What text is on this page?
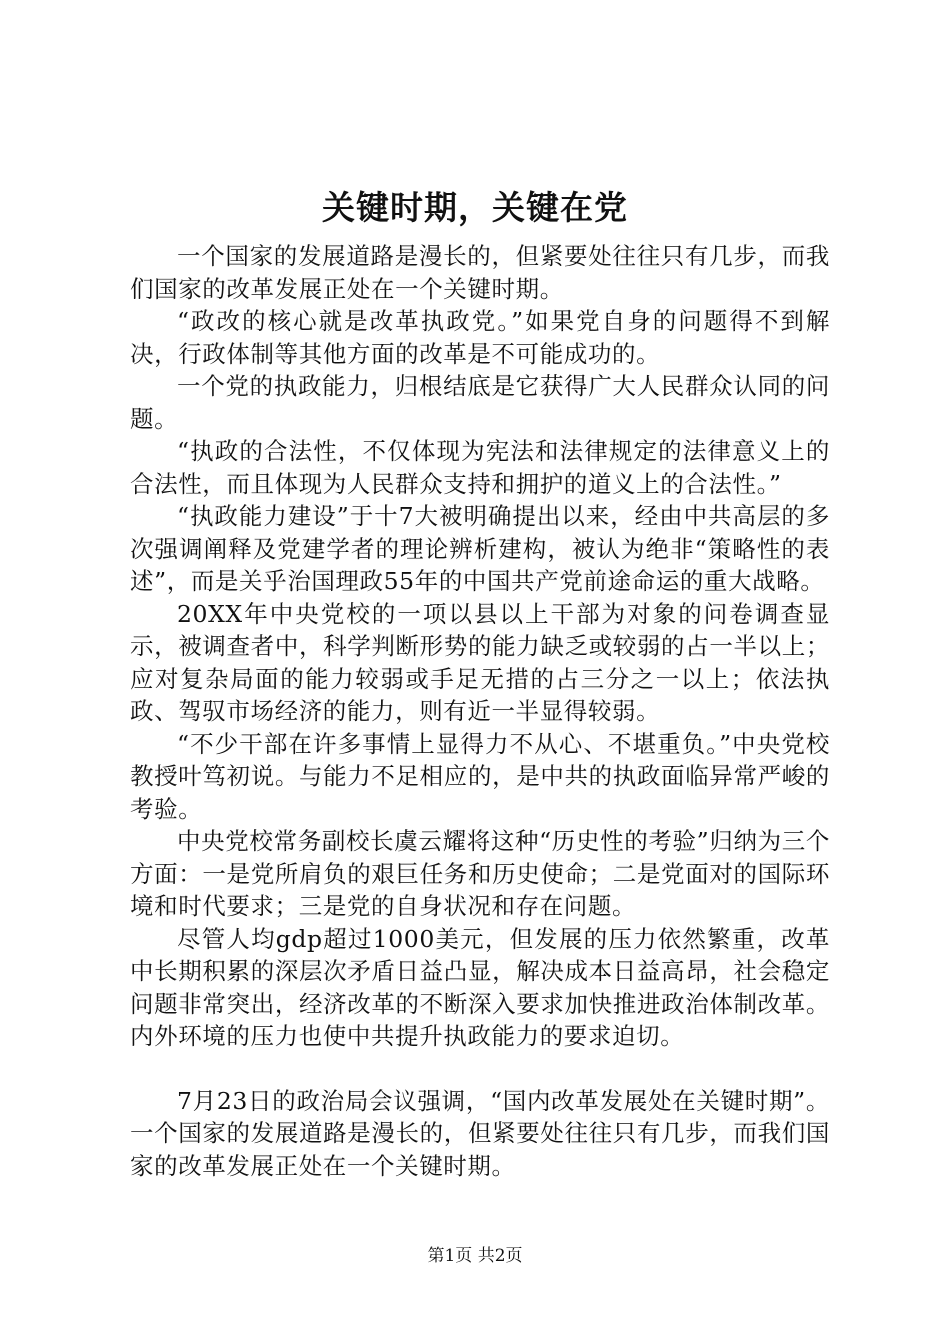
关键时期，关键在党

一个国家的发展道路是漫长的，但紧要处往往只有几步，而我们国家的改革发展正处在一个关键时期。

“政改的核心就是改革执政党。”如果党自身的问题得不到解决，行政体制等其他方面的改革是不可能成功的。

一个党的执政能力，归根结底是它获得广大人民群众认同的问题。

“执政的合法性，不仅体现为宪法和法律规定的法律意义上的合法性，而且体现为人民群众支持和拥护的道义上的合法性。”

“执政能力建设”于十7大被明确提出以来，经由中共高层的多次强调阐释及党建学者的理论辨析建构，被认为绝非“策略性的表述”，而是关乎治国理政55年的中国共产党前途命运的重大战略。

20XX年中央党校的一项以县以上干部为对象的问卷调查显示，被调查者中，科学判断形势的能力缺乏或较弱的占一半以上；应对复杂局面的能力较弱或手足无措的占三分之一以上；依法执政、驾驭市场经济的能力，则有近一半显得较弱。

“不少干部在许多事情上显得力不从心、不堪重负。”中央党校教授叶笃初说。与能力不足相应的，是中共的执政面临异常严峻的考验。

中央党校常务副校长虞云耀将这种“历史性的考验”归纳为三个方面：一是党所肩负的艰巨任务和历史使命；二是党面对的国际环境和时代要求；三是党的自身状况和存在问题。

尽管人均gdp超过1000美元，但发展的压力依然繁重，改革中长期积累的深层次矛盾日益凸显，解决成本日益高昂，社会稳定问题非常突出，经济改革的不断深入要求加快推进政治体制改革。内外环境的压力也使中共提升执政能力的要求迫切。

7月23日的政治局会议强调，“国内改革发展处在关键时期”。一个国家的发展道路是漫长的，但紧要处往往只有几步，而我们国家的改革发展正处在一个关键时期。

第1页 共2页
